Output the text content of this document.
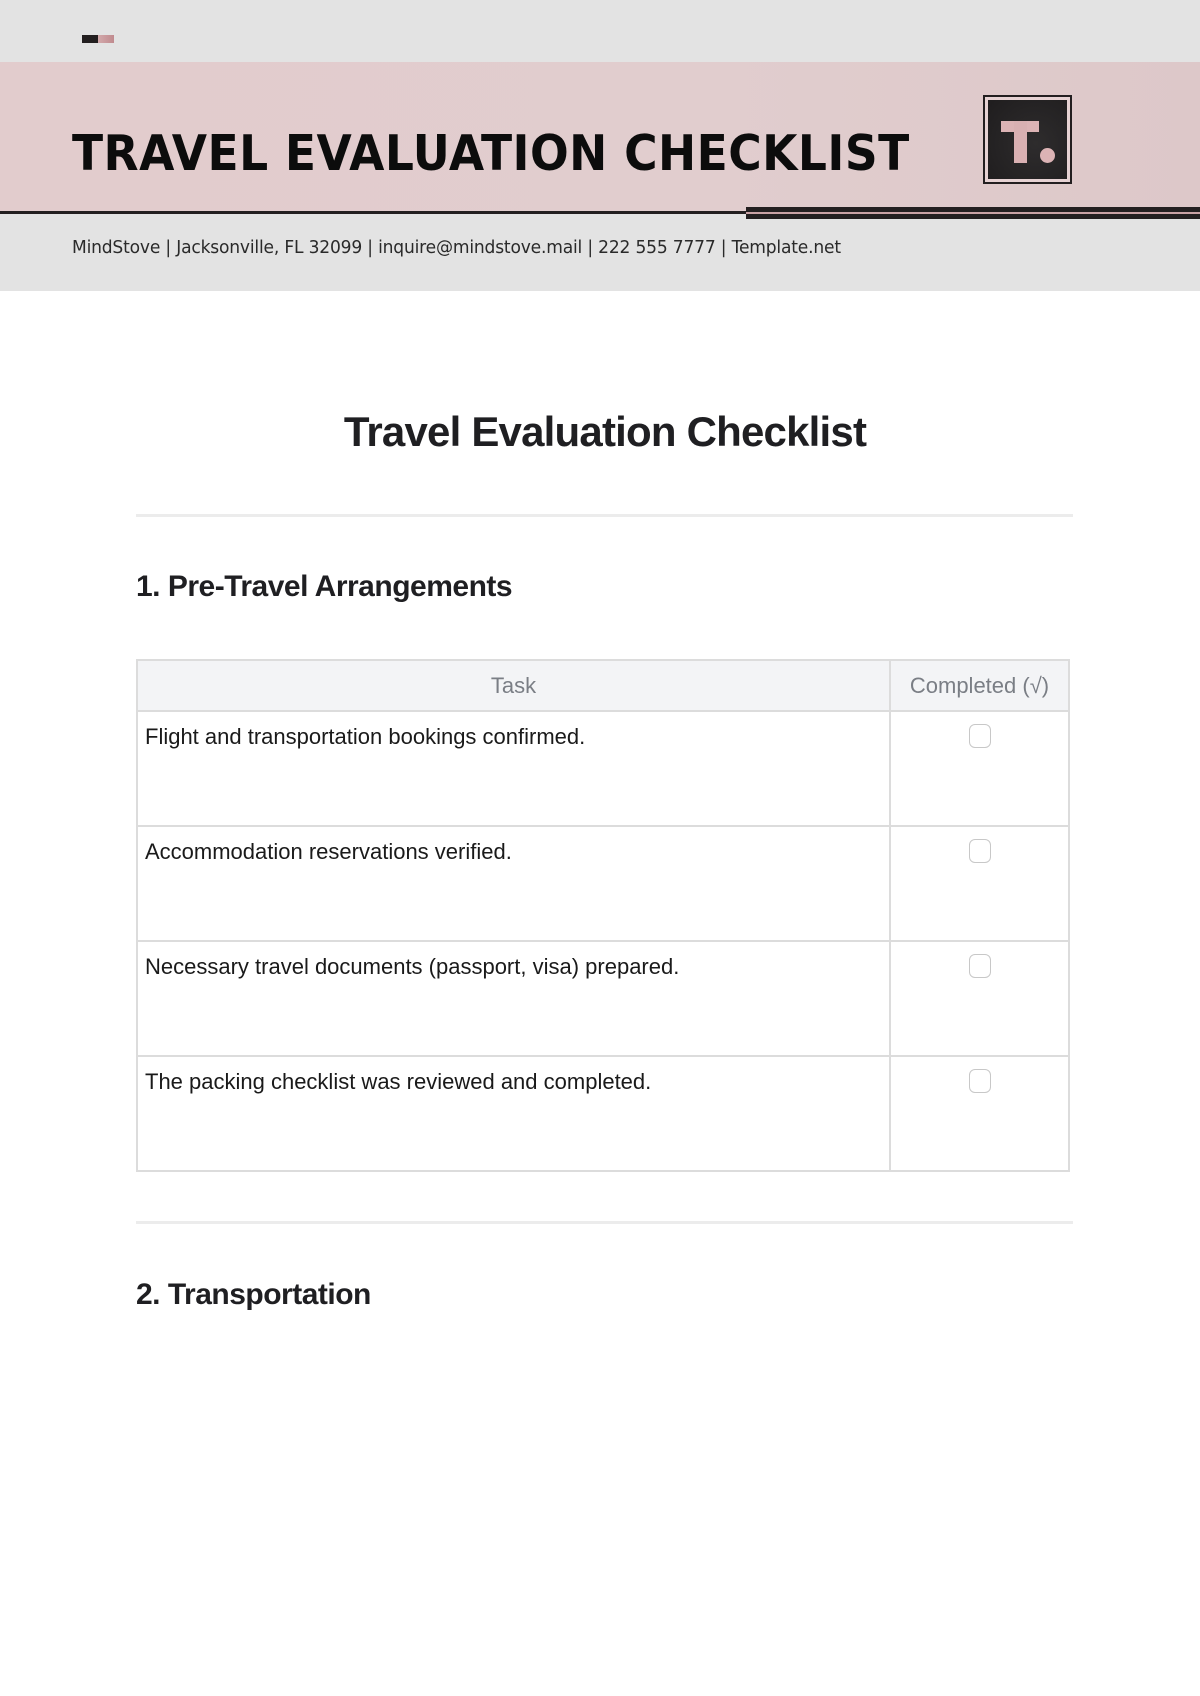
TRAVEL EVALUATION CHECKLIST
MindStove | Jacksonville, FL 32099 | inquire@mindstove.mail | 222 555 7777 | Template.net
Travel Evaluation Checklist
1. Pre-Travel Arrangements
Task	Completed (√)
Flight and transportation bookings confirmed.	
Accommodation reservations verified.	
Necessary travel documents (passport, visa) prepared.	
The packing checklist was reviewed and completed.	
2. Transportation
